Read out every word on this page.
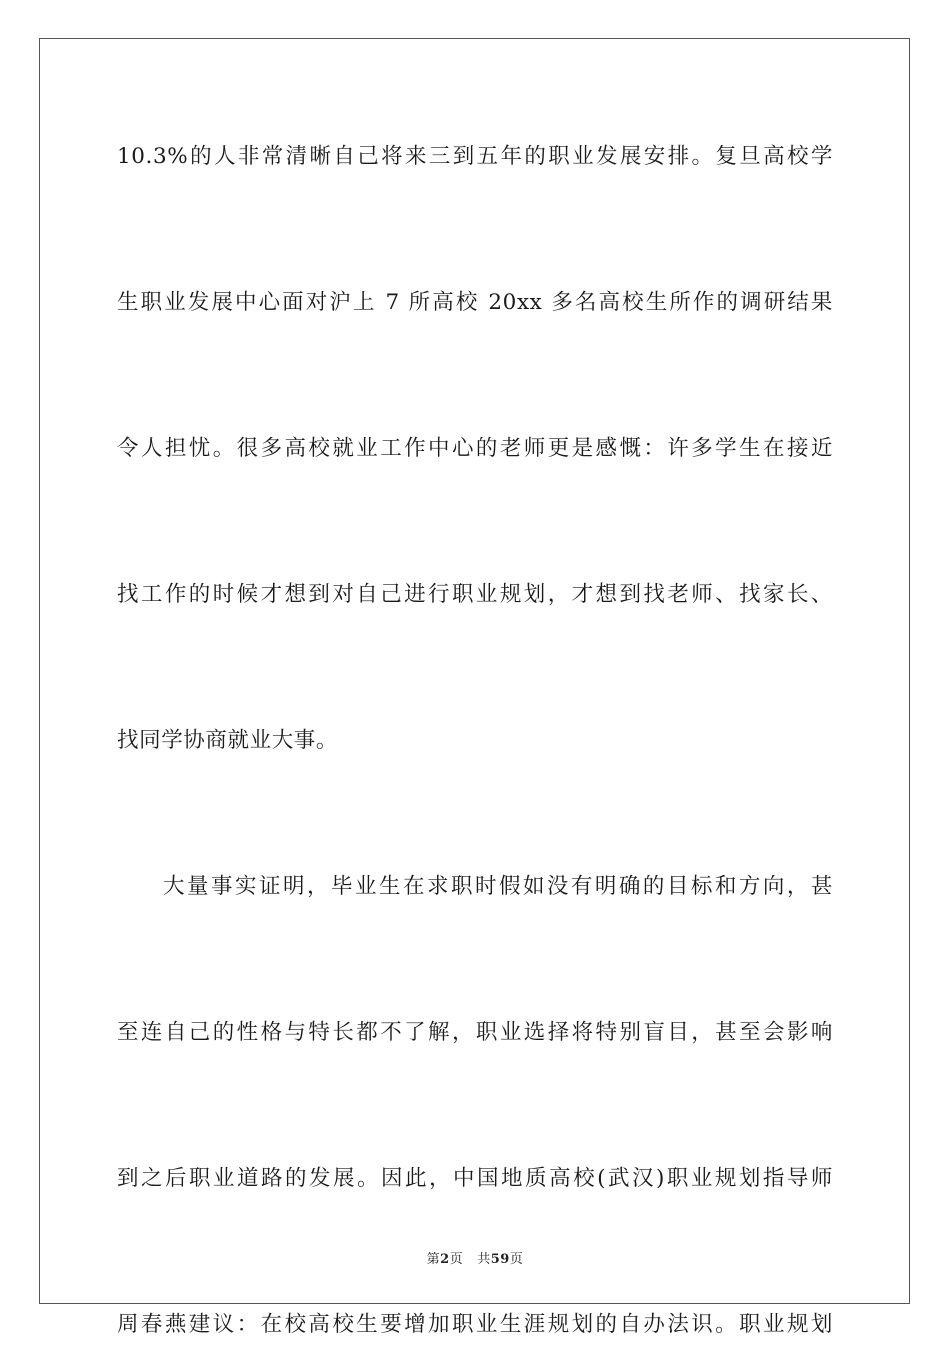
10.3%的人非常清晰自己将来三到五年的职业发展安排。复旦高校学
生职业发展中心面对沪上 7 所高校 20xx 多名高校生所作的调研结果
令人担忧。很多高校就业工作中心的老师更是感慨：许多学生在接近
找工作的时候才想到对自己进行职业规划，才想到找老师、找家长、
找同学协商就业大事。
大量事实证明，毕业生在求职时假如没有明确的目标和方向，甚
至连自己的性格与特长都不了解，职业选择将特别盲目，甚至会影响
到之后职业道路的发展。因此，中国地质高校(武汉)职业规划指导师
周春燕建议：在校高校生要增加职业生涯规划的自办法识。职业规划
第2页 共59页
